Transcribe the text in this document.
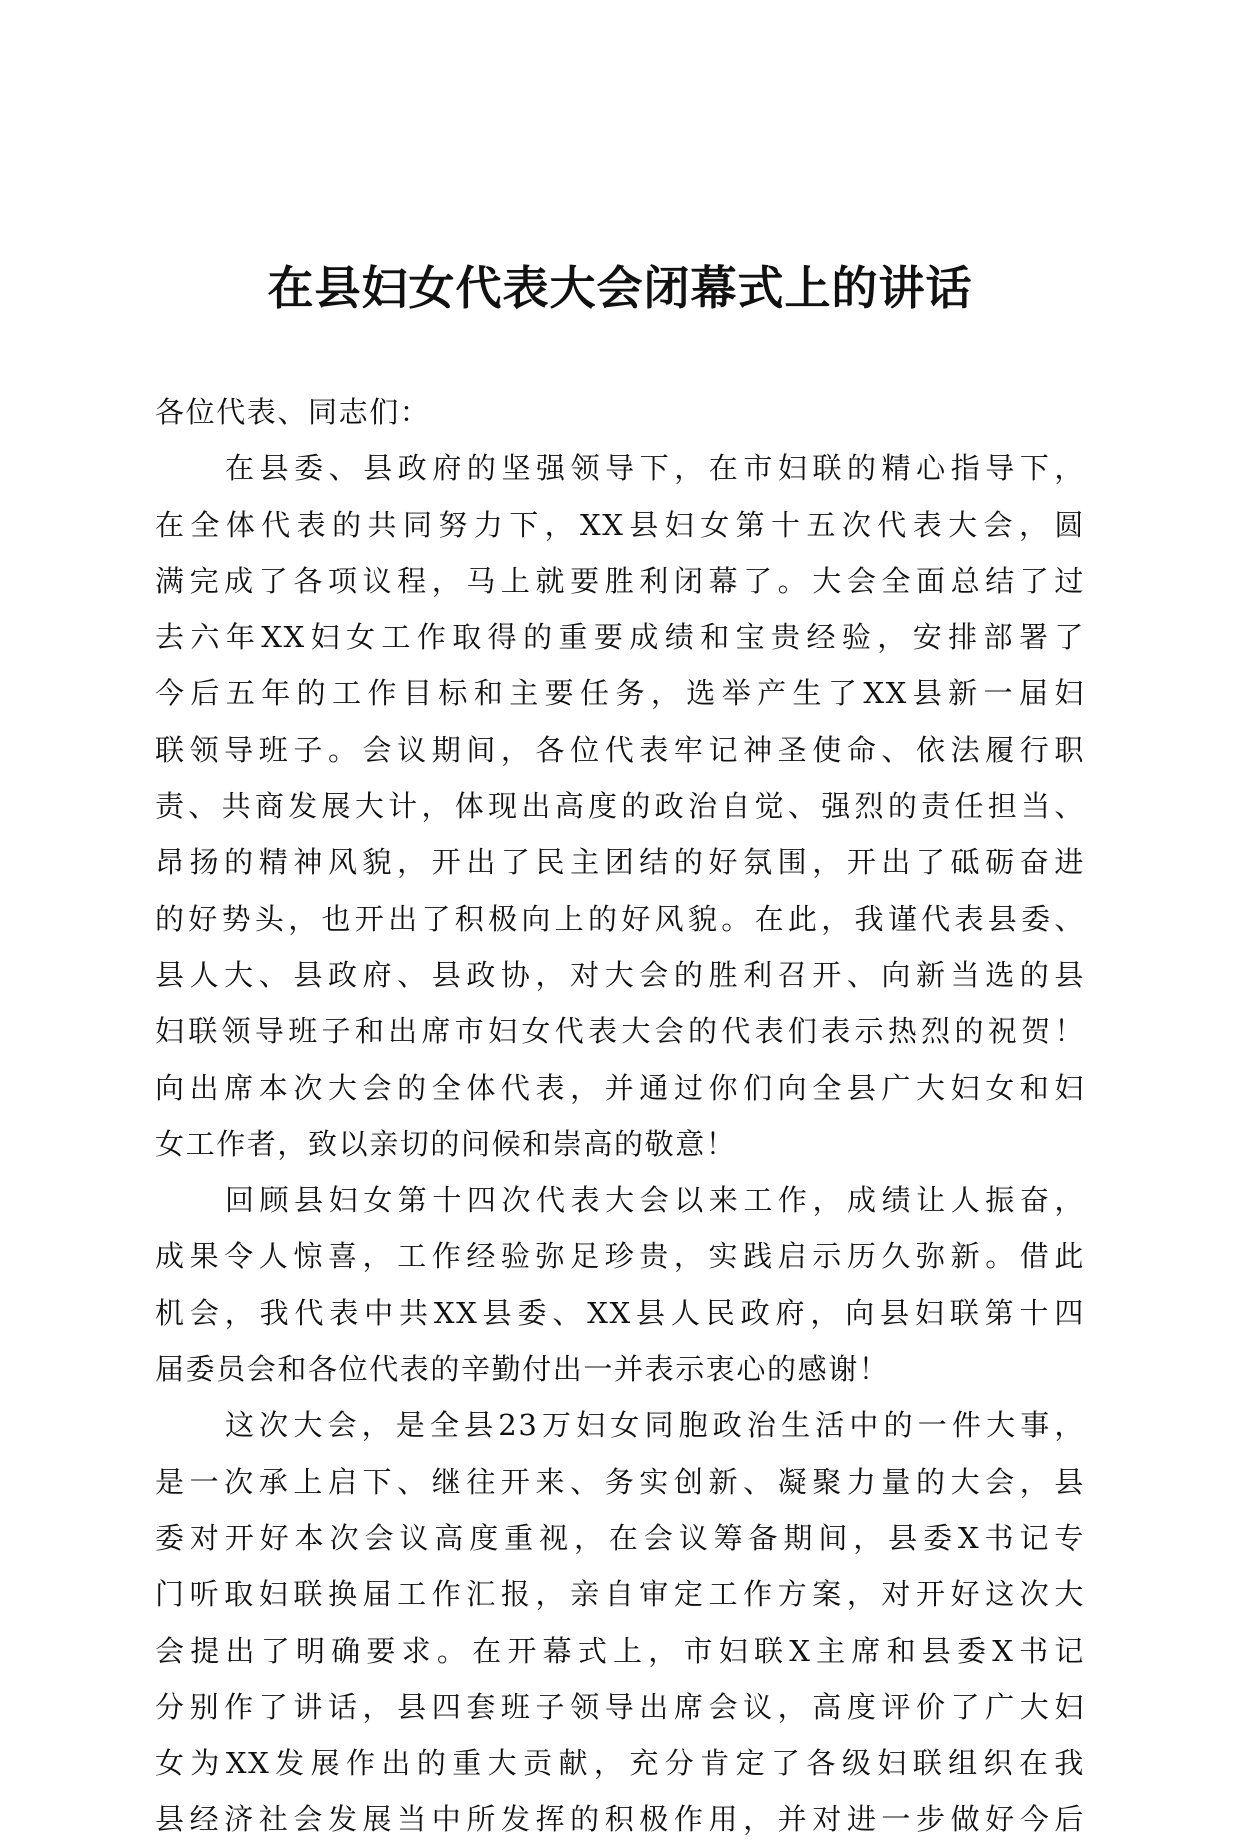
在县妇女代表大会闭幕式上的讲话
各位代表、同志们：
在县委、县政府的坚强领导下，在市妇联的精心指导下，
在全体代表的共同努力下，XX县妇女第十五次代表大会，圆
满完成了各项议程，马上就要胜利闭幕了。大会全面总结了过
去六年XX妇女工作取得的重要成绩和宝贵经验，安排部署了
今后五年的工作目标和主要任务，选举产生了XX县新一届妇
联领导班子。会议期间，各位代表牢记神圣使命、依法履行职
责、共商发展大计，体现出高度的政治自觉、强烈的责任担当、
昂扬的精神风貌，开出了民主团结的好氛围，开出了砥砺奋进
的好势头，也开出了积极向上的好风貌。在此，我谨代表县委、
县人大、县政府、县政协，对大会的胜利召开、向新当选的县
妇联领导班子和出席市妇女代表大会的代表们表示热烈的祝贺！
向出席本次大会的全体代表，并通过你们向全县广大妇女和妇
女工作者，致以亲切的问候和崇高的敬意！
回顾县妇女第十四次代表大会以来工作，成绩让人振奋，
成果令人惊喜，工作经验弥足珍贵，实践启示历久弥新。借此
机会，我代表中共XX县委、XX县人民政府，向县妇联第十四
届委员会和各位代表的辛勤付出一并表示衷心的感谢！
这次大会，是全县23万妇女同胞政治生活中的一件大事，
是一次承上启下、继往开来、务实创新、凝聚力量的大会，县
委对开好本次会议高度重视，在会议筹备期间，县委X书记专
门听取妇联换届工作汇报，亲自审定工作方案，对开好这次大
会提出了明确要求。在开幕式上，市妇联X主席和县委X书记
分别作了讲话，县四套班子领导出席会议，高度评价了广大妇
女为XX发展作出的重大贡献，充分肯定了各级妇联组织在我
县经济社会发展当中所发挥的积极作用，并对进一步做好今后
